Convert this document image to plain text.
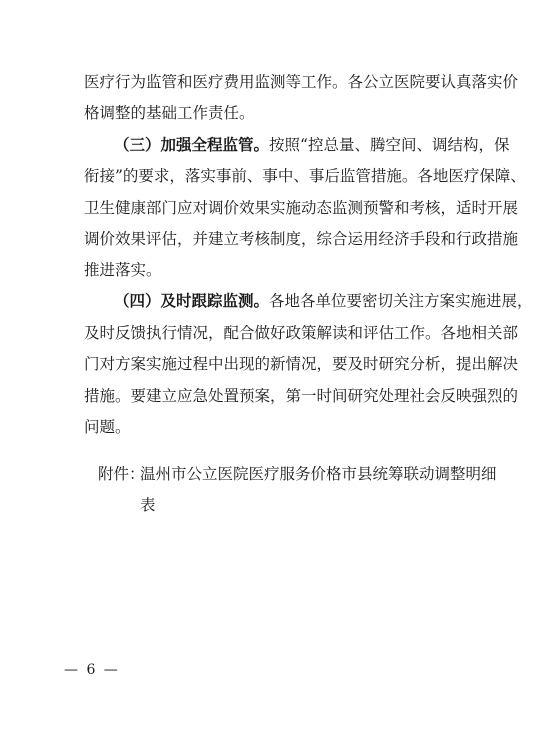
医疗行为监管和医疗费用监测等工作。各公立医院要认真落实价
格调整的基础工作责任。
（三）加强全程监管。按照“控总量、腾空间、调结构，保
衔接”的要求，落实事前、事中、事后监管措施。各地医疗保障、
卫生健康部门应对调价效果实施动态监测预警和考核，适时开展
调价效果评估，并建立考核制度，综合运用经济手段和行政措施
推进落实。
（四）及时跟踪监测。各地各单位要密切关注方案实施进展，
及时反馈执行情况，配合做好政策解读和评估工作。各地相关部
门对方案实施过程中出现的新情况，要及时研究分析，提出解决
措施。要建立应急处置预案，第一时间研究处理社会反映强烈的
问题。
附件：
温州市公立医院医疗服务价格市县统筹联动调整明细
表
— 6 —
